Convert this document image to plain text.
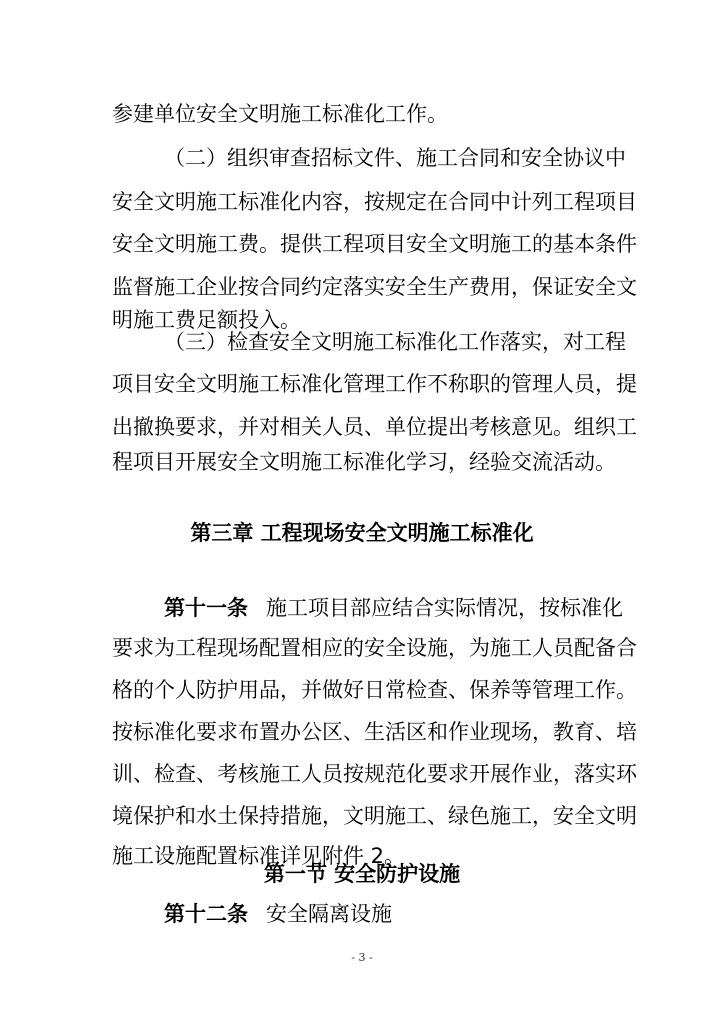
参建单位安全文明施工标准化工作。
（二）组织审查招标文件、施工合同和安全协议中
安全文明施工标准化内容，按规定在合同中计列工程项目
安全文明施工费。提供工程项目安全文明施工的基本条件
监督施工企业按合同约定落实安全生产费用，保证安全文
明施工费足额投入。
（三）检查安全文明施工标准化工作落实，对工程
项目安全文明施工标准化管理工作不称职的管理人员，提
出撤换要求，并对相关人员、单位提出考核意见。组织工
程项目开展安全文明施工标准化学习，经验交流活动。
第三章 工程现场安全文明施工标准化
第十一条 施工项目部应结合实际情况，按标准化
要求为工程现场配置相应的安全设施，为施工人员配备合
格的个人防护用品，并做好日常检查、保养等管理工作。
按标准化要求布置办公区、生活区和作业现场，教育、培
训、检查、考核施工人员按规范化要求开展作业，落实环
境保护和水土保持措施，文明施工、绿色施工，安全文明
施工设施配置标准详见附件 2。
- 3 -
第一节 安全防护设施
第十二条 安全隔离设施
